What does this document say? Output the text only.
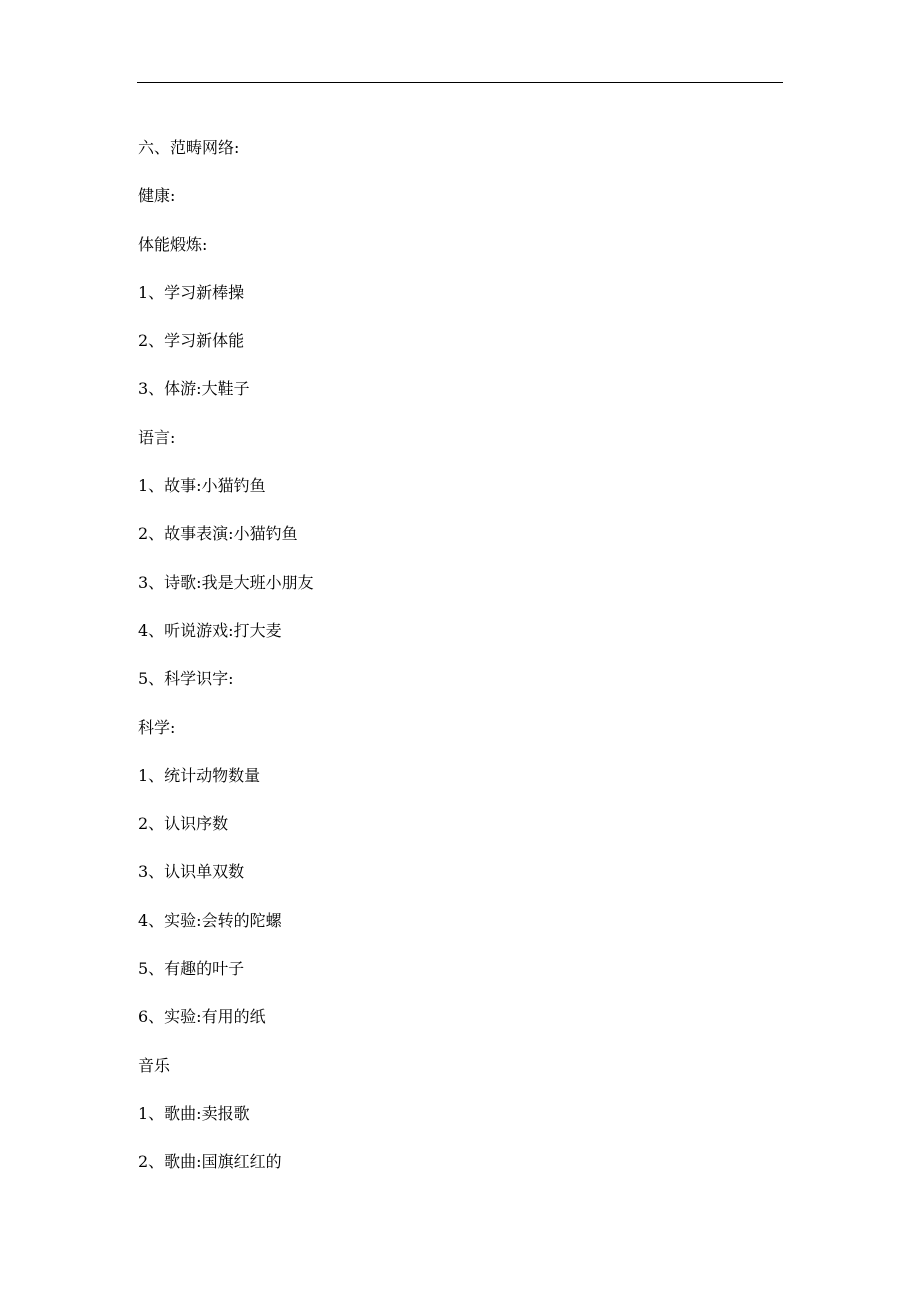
六、范畴网络:
健康:
体能煅炼:
1、学习新棒操
2、学习新体能
3、体游:大鞋子
语言:
1、故事:小猫钓鱼
2、故事表演:小猫钓鱼
3、诗歌:我是大班小朋友
4、听说游戏:打大麦
5、科学识字:
科学:
1、统计动物数量
2、认识序数
3、认识单双数
4、实验:会转的陀螺
5、有趣的叶子
6、实验:有用的纸
音乐
1、歌曲:卖报歌
2、歌曲:国旗红红的
